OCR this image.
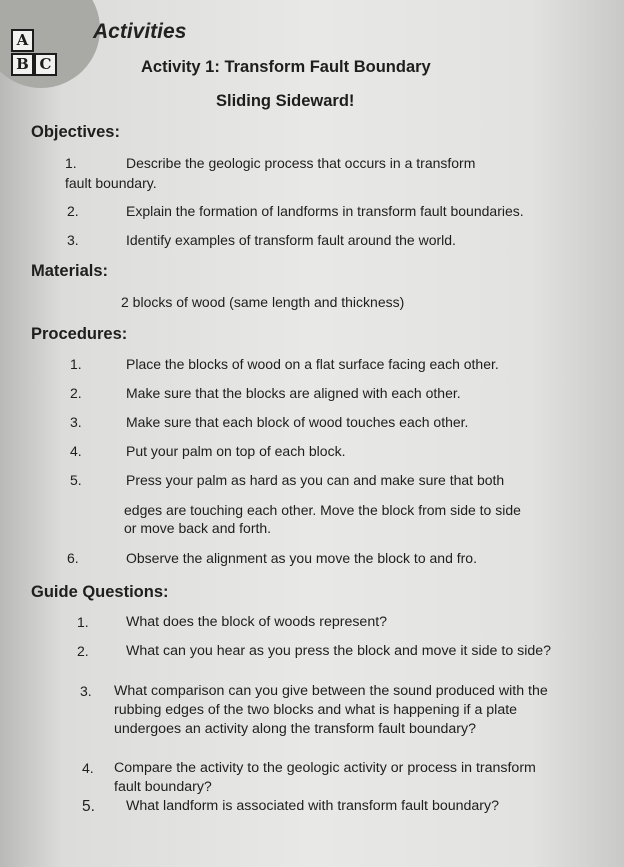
A
B C
Activities
Activity 1: Transform Fault Boundary
Sliding Sideward!
Objectives:
1.	Describe the geologic process that occurs in a transform
fault boundary.
2.	Explain the formation of landforms in transform fault boundaries.
3.	Identify examples of transform fault around the world.
Materials:
2 blocks of wood (same length and thickness)
Procedures:
1.	Place the blocks of wood on a flat surface facing each other.
2.	Make sure that the blocks are aligned with each other.
3.	Make sure that each block of wood touches each other.
4.	Put your palm on top of each block.
5.	Press your palm as hard as you can and make sure that both
edges are touching each other. Move the block from side to side
or move back and forth.
6.	Observe the alignment as you move the block to and fro.
Guide Questions:
1.	What does the block of woods represent?
2.	What can you hear as you press the block and move it side to side?
3. What comparison can you give between the sound produced with the
rubbing edges of the two blocks and what is happening if a plate
undergoes an activity along the transform fault boundary?
4. Compare the activity to the geologic activity or process in transform
fault boundary?
5. What landform is associated with transform fault boundary?
